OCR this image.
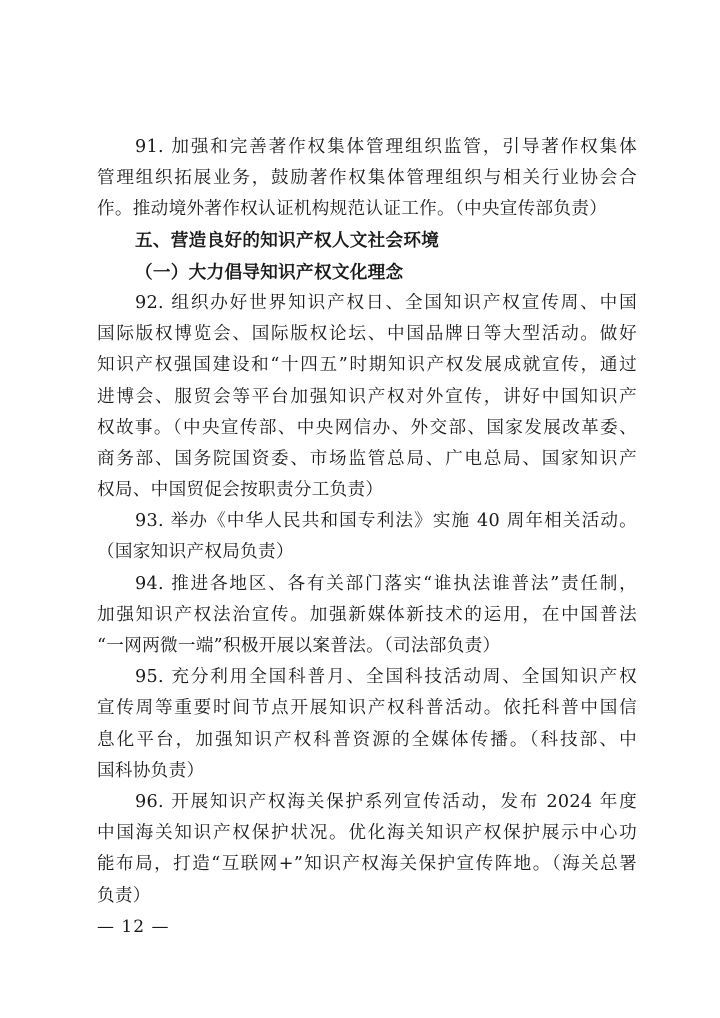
91. 加强和完善著作权集体管理组织监管，引导著作权集体
管理组织拓展业务，鼓励著作权集体管理组织与相关行业协会合
作。推动境外著作权认证机构规范认证工作。（中央宣传部负责）
五、营造良好的知识产权人文社会环境
（一）大力倡导知识产权文化理念
92. 组织办好世界知识产权日、全国知识产权宣传周、中国
国际版权博览会、国际版权论坛、中国品牌日等大型活动。做好
知识产权强国建设和“十四五”时期知识产权发展成就宣传，通过
进博会、服贸会等平台加强知识产权对外宣传，讲好中国知识产
权故事。（中央宣传部、中央网信办、外交部、国家发展改革委、
商务部、国务院国资委、市场监管总局、广电总局、国家知识产
权局、中国贸促会按职责分工负责）
93. 举办《中华人民共和国专利法》实施 40 周年相关活动。
（国家知识产权局负责）
94. 推进各地区、各有关部门落实“谁执法谁普法”责任制，
加强知识产权法治宣传。加强新媒体新技术的运用，在中国普法
“一网两微一端”积极开展以案普法。（司法部负责）
95. 充分利用全国科普月、全国科技活动周、全国知识产权
宣传周等重要时间节点开展知识产权科普活动。依托科普中国信
息化平台，加强知识产权科普资源的全媒体传播。（科技部、中
国科协负责）
96. 开展知识产权海关保护系列宣传活动，发布 2024 年度
中国海关知识产权保护状况。优化海关知识产权保护展示中心功
能布局，打造“互联网+”知识产权海关保护宣传阵地。（海关总署
负责）
— 12 —
